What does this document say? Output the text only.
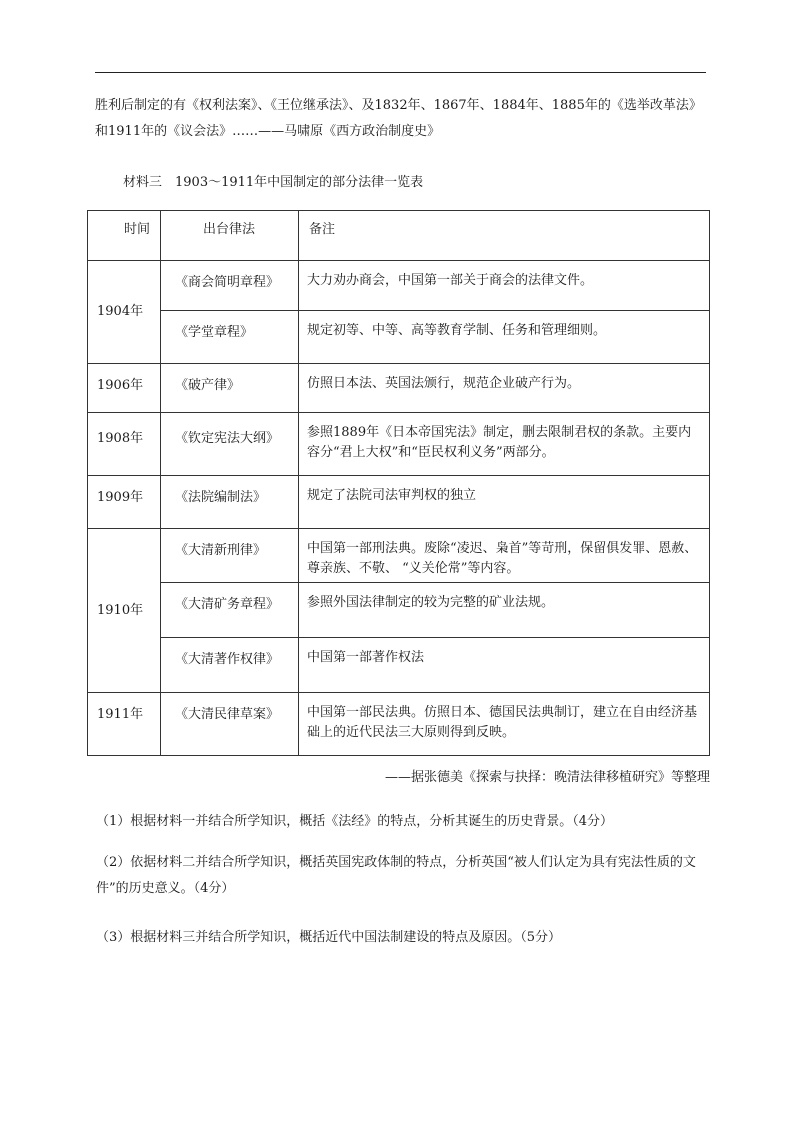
胜利后制定的有《权利法案》、《王位继承法》、及1832年、1867年、1884年、1885年的《选举改革法》和1911年的《议会法》……——马啸原《西方政治制度史》

材料三　1903～1911年中国制定的部分法律一览表
时间	出台律法	备注
1904年	《商会简明章程》	大力劝办商会，中国第一部关于商会的法律文件。
	《学堂章程》	规定初等、中等、高等教育学制、任务和管理细则。
1906年	《破产律》	仿照日本法、英国法颁行，规范企业破产行为。
1908年	《钦定宪法大纲》	参照1889年《日本帝国宪法》制定，删去限制君权的条款。主要内容分“君上大权”和“臣民权利义务”两部分。
1909年	《法院编制法》	规定了法院司法审判权的独立
1910年	《大清新刑律》	中国第一部刑法典。废除“凌迟、枭首”等苛刑，保留俱发罪、恩赦、尊亲族、不敬、 “义关伦常”等内容。
	《大清矿务章程》	参照外国法律制定的较为完整的矿业法规。
	《大清著作权律》	中国第一部著作权法
1911年	《大清民律草案》	中国第一部民法典。仿照日本、德国民法典制订，建立在自由经济基础上的近代民法三大原则得到反映。
——据张德美《探索与抉择：晚清法律移植研究》等整理

（1）根据材料一并结合所学知识，概括《法经》的特点，分析其诞生的历史背景。（4分）

（2）依据材料二并结合所学知识，概括英国宪政体制的特点，分析英国“被人们认定为具有宪法性质的文件”的历史意义。（4分）

（3）根据材料三并结合所学知识，概括近代中国法制建设的特点及原因。（5分）
